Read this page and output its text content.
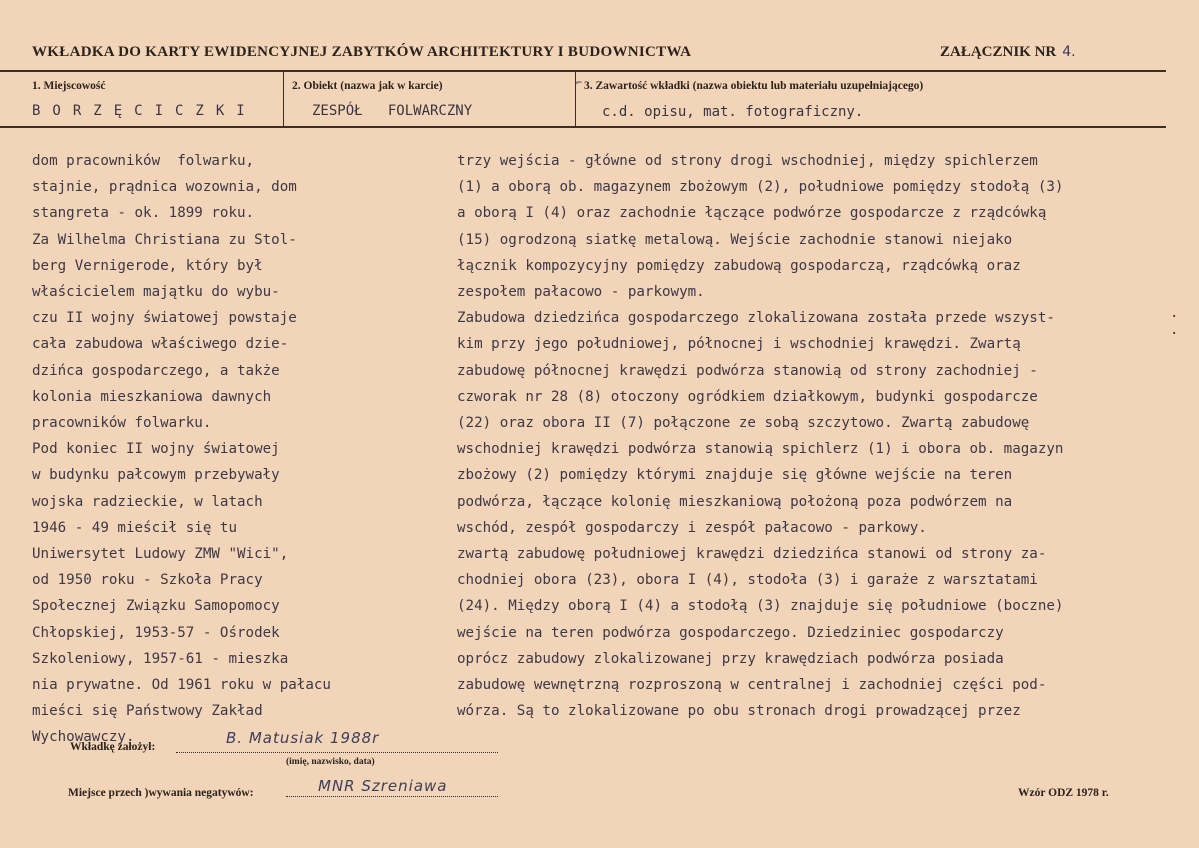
WKŁADKA DO KARTY EWIDENCYJNEJ ZABYTKÓW ARCHITEKTURY I BUDOWNICTWA	ZAŁĄCZNIK NR 4.
1. Miejscowość	2. Obiekt (nazwa jak w karcie)	3. Zawartość wkładki (nazwa obiektu lub materiału uzupełniającego)
⌐
BORZĘCICZKI	ZESPÓŁ   FOLWARCZNY	c.d. opisu, mat. fotograficzny.
dom pracowników  folwarku,
stajnie, prądnica wozownia, dom
stangreta - ok. 1899 roku.
Za Wilhelma Christiana zu Stol-
berg Vernigerode, który był
właścicielem majątku do wybu-
czu II wojny światowej powstaje
cała zabudowa właściwego dzie-
dzińca gospodarczego, a także
kolonia mieszkaniowa dawnych
pracowników folwarku.
Pod koniec II wojny światowej
w budynku pałcowym przebywały
wojska radzieckie, w latach
1946 - 49 mieścił się tu
Uniwersytet Ludowy ZMW "Wici",
od 1950 roku - Szkoła Pracy
Społecznej Związku Samopomocy
Chłopskiej, 1953-57 - Ośrodek
Szkoleniowy, 1957-61 - mieszka
nia prywatne. Od 1961 roku w pałacu
mieści się Państwowy Zakład
Wychowawczy.
trzy wejścia - główne od strony drogi wschodniej, między spichlerzem
(1) a oborą ob. magazynem zbożowym (2), południowe pomiędzy stodołą (3)
a oborą I (4) oraz zachodnie łączące podwórze gospodarcze z rządcówką
(15) ogrodzoną siatkę metalową. Wejście zachodnie stanowi niejako
łącznik kompozycyjny pomiędzy zabudową gospodarczą, rządcówką oraz
zespołem pałacowo - parkowym.
Zabudowa dziedzińca gospodarczego zlokalizowana została przede wszyst-
kim przy jego południowej, północnej i wschodniej krawędzi. Zwartą
zabudowę północnej krawędzi podwórza stanowią od strony zachodniej -
czworak nr 28 (8) otoczony ogródkiem działkowym, budynki gospodarcze
(22) oraz obora II (7) połączone ze sobą szczytowo. Zwartą zabudowę
wschodniej krawędzi podwórza stanowią spichlerz (1) i obora ob. magazyn
zbożowy (2) pomiędzy którymi znajduje się główne wejście na teren
podwórza, łączące kolonię mieszkaniową położoną poza podwórzem na
wschód, zespół gospodarczy i zespół pałacowo - parkowy.
zwartą zabudowę południowej krawędzi dziedzińca stanowi od strony za-
chodniej obora (23), obora I (4), stodoła (3) i garaże z warsztatami
(24). Między oborą I (4) a stodołą (3) znajduje się południowe (boczne)
wejście na teren podwórza gospodarczego. Dziedziniec gospodarczy
oprócz zabudowy zlokalizowanej przy krawędziach podwórza posiada
zabudowę wewnętrzną rozproszoną w centralnej i zachodniej części pod-
wórza. Są to zlokalizowane po obu stronach drogi prowadzącej przez
.
.
Wkładkę założył:	B. Matusiak 1988r
(imię, nazwisko, data)
Miejsce przech )wywania negatywów:	MNR Szreniawa	Wzór ODZ 1978 r.
